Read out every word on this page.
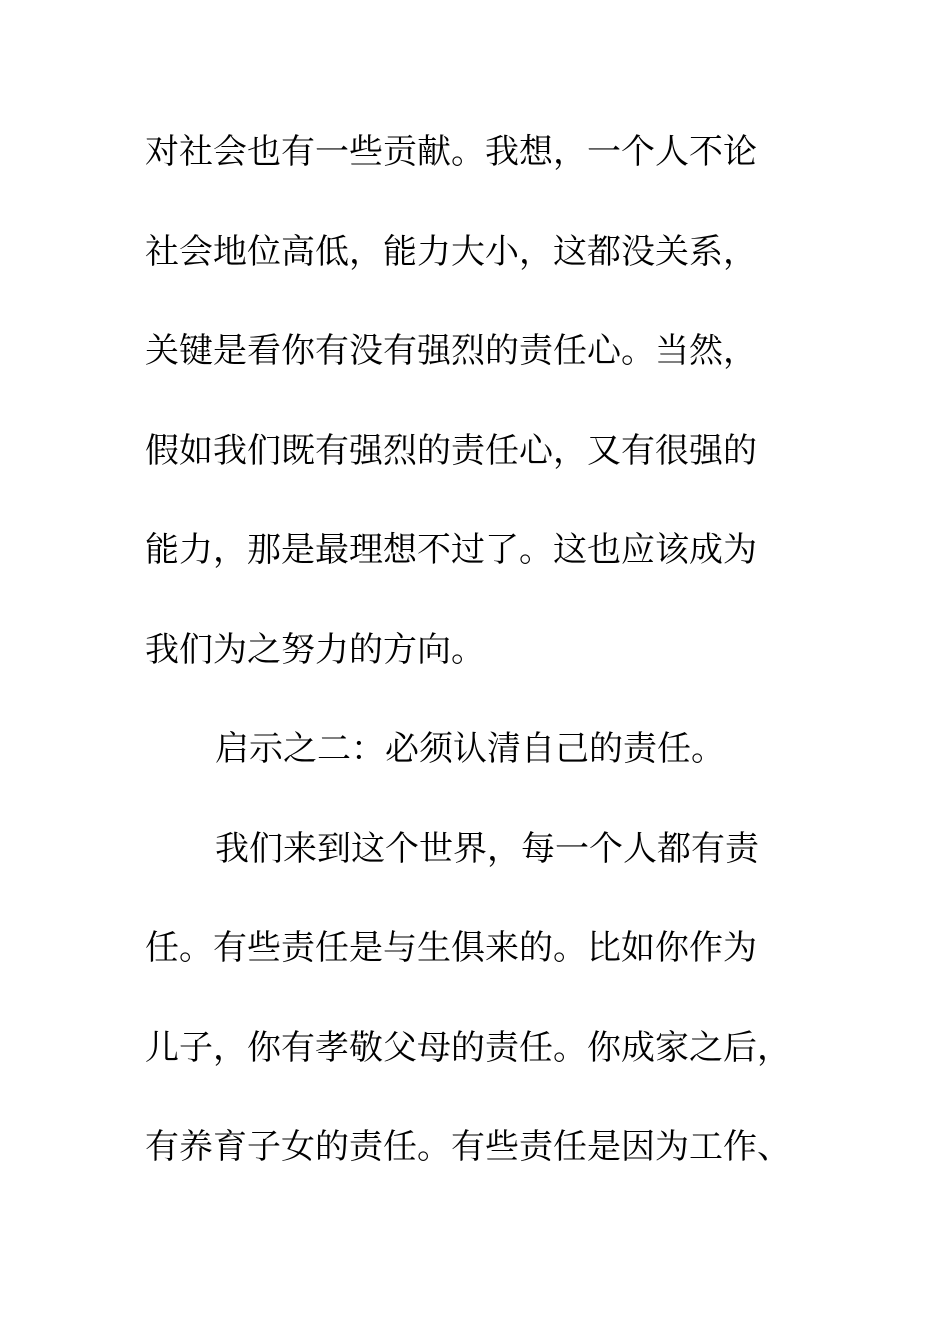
对社会也有一些贡献。我想，一个人不论
社会地位高低，能力大小，这都没关系，
关键是看你有没有强烈的责任心。当然，
假如我们既有强烈的责任心，又有很强的
能力，那是最理想不过了。这也应该成为
我们为之努力的方向。
启示之二：必须认清自己的责任。
我们来到这个世界，每一个人都有责
任。有些责任是与生俱来的。比如你作为
儿子，你有孝敬父母的责任。你成家之后，
有养育子女的责任。有些责任是因为工作、
